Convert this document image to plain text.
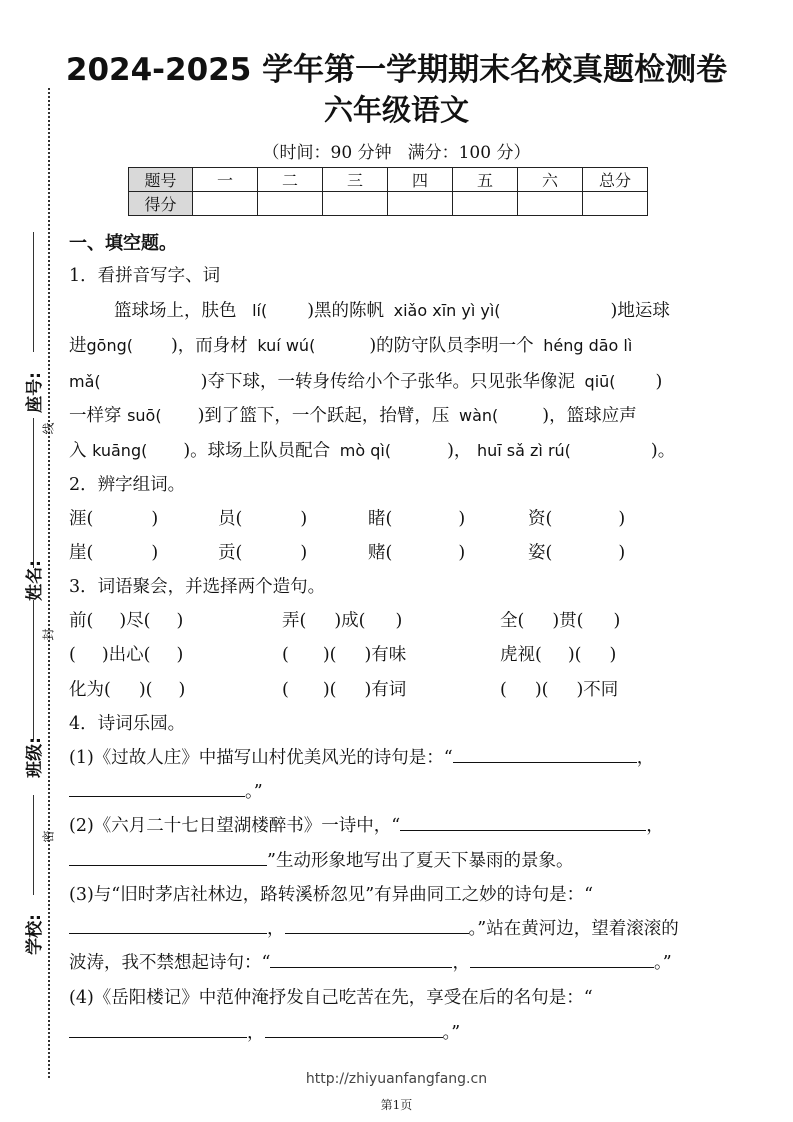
2024-2025 学年第一学期期末名校真题检测卷
六年级语文
（时间：90 分钟 满分：100 分）
题号	一	二	三	四	五	六	总分
得分							
座号:
姓名:
班级:
学校:
线
封
密
一、填空题。
1．看拼音写字、词
篮球场上，肤色 lí( )黑的陈帆 xiǎo xīn yì yì(	)地运球
进gōng( )，而身材 kuí wú(	)的防守队员李明一个 héng dāo lì
mǎ(	)夺下球，一转身传给小个子张华。只见张华像泥 qiū( )
一样穿 suō( )到了篮下，一个跃起，抬臂，压 wàn(	)，篮球应声
入 kuāng( )。球场上队员配合 mò qì(	)， huī sǎ zì rú(	)。
2．辨字组词。
涯(	)	员(	)	睹(	)	资(	)
崖(	)	贡(	)	赌(	)	姿(	)
3．词语聚会，并选择两个造句。
前( )尽( )	弄( )成( )	全( )贯( )
( )出心( )	( )( )有味	虎视( )( )
化为( )( )	( )( )有词	( )( )不同
4．诗词乐园。
(1)《过故人庄》中描写山村优美风光的诗句是：“	，
。”
(2)《六月二十七日望湖楼醉书》一诗中，“	，
”生动形象地写出了夏天下暴雨的景象。
(3)与“旧时茅店社林边，路转溪桥忽见”有异曲同工之妙的诗句是：“
，	。”站在黄河边，望着滚滚的
波涛，我不禁想起诗句：“	，	。”
(4)《岳阳楼记》中范仲淹抒发自己吃苦在先，享受在后的名句是：“
，	。”
http://zhiyuanfangfang.cn
第1页
